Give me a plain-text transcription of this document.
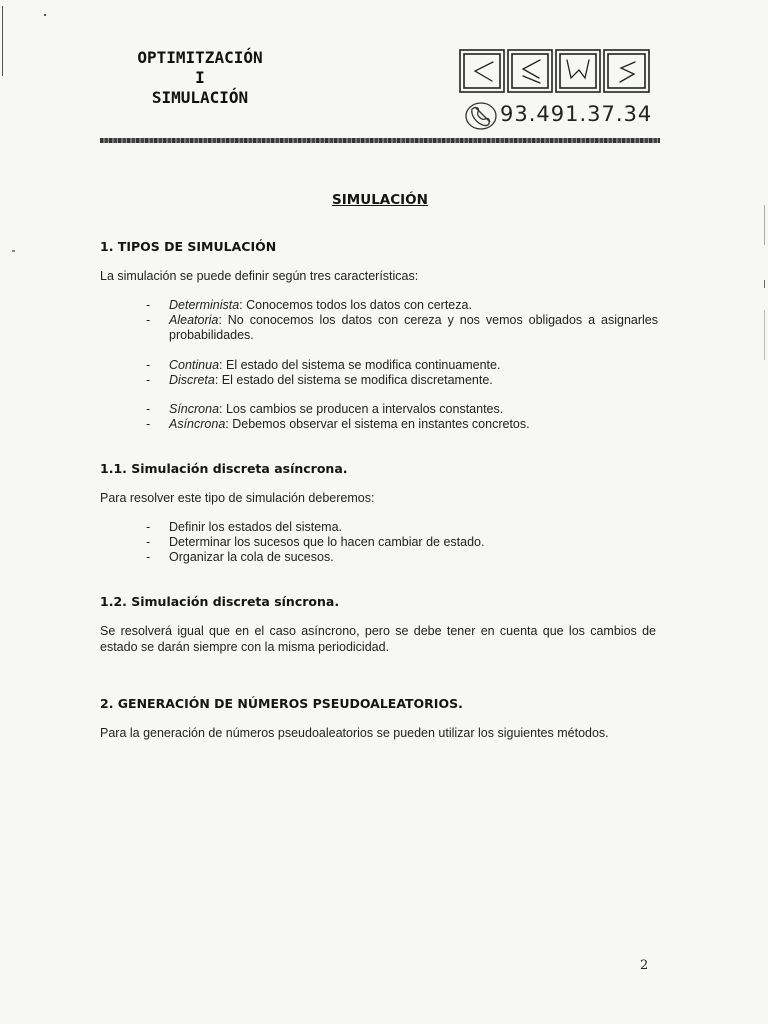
OPTIMITZACIÓN
I
SIMULACIÓN
93.491.37.34
SIMULACIÓN
1. TIPOS DE SIMULACIÓN
La simulación se puede definir según tres características:
- Determinista: Conocemos todos los datos con certeza.
- Aleatoria: No conocemos los datos con cereza y nos vemos obligados a asignarles probabilidades.
- Continua: El estado del sistema se modifica continuamente.
- Discreta: El estado del sistema se modifica discretamente.
- Síncrona: Los cambios se producen a intervalos constantes.
- Asíncrona: Debemos observar el sistema en instantes concretos.
1.1. Simulación discreta asíncrona.
Para resolver este tipo de simulación deberemos:
- Definir los estados del sistema.
- Determinar los sucesos que lo hacen cambiar de estado.
- Organizar la cola de sucesos.
1.2. Simulación discreta síncrona.
Se resolverá igual que en el caso asíncrono, pero se debe tener en cuenta que los cambios de estado se darán siempre con la misma periodicidad.
2. GENERACIÓN DE NÚMEROS PSEUDOALEATORIOS.
Para la generación de números pseudoaleatorios se pueden utilizar los siguientes métodos.
2
